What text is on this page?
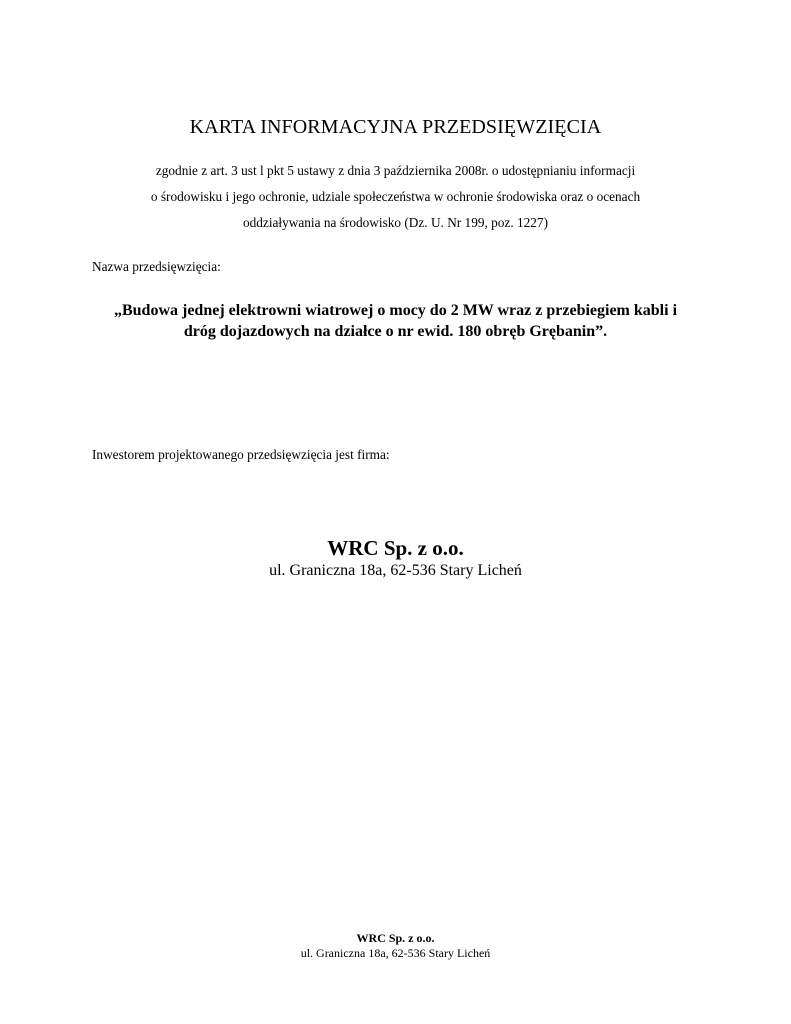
KARTA INFORMACYJNA PRZEDSIĘWZIĘCIA
zgodnie z art. 3 ust l pkt 5 ustawy z dnia 3 października 2008r. o udostępnianiu informacji
o środowisku i jego ochronie, udziale społeczeństwa w ochronie środowiska oraz o ocenach
oddziaływania na środowisko (Dz. U. Nr 199, poz. 1227)
Nazwa przedsięwzięcia:
„Budowa jednej elektrowni wiatrowej o mocy do 2 MW wraz z przebiegiem kabli i
dróg dojazdowych na działce o nr ewid. 180 obręb Grębanin”.
Inwestorem projektowanego przedsięwzięcia jest firma:
WRC Sp. z o.o.
ul. Graniczna 18a, 62-536 Stary Licheń
WRC Sp. z o.o.
ul. Graniczna 18a, 62-536 Stary Licheń
